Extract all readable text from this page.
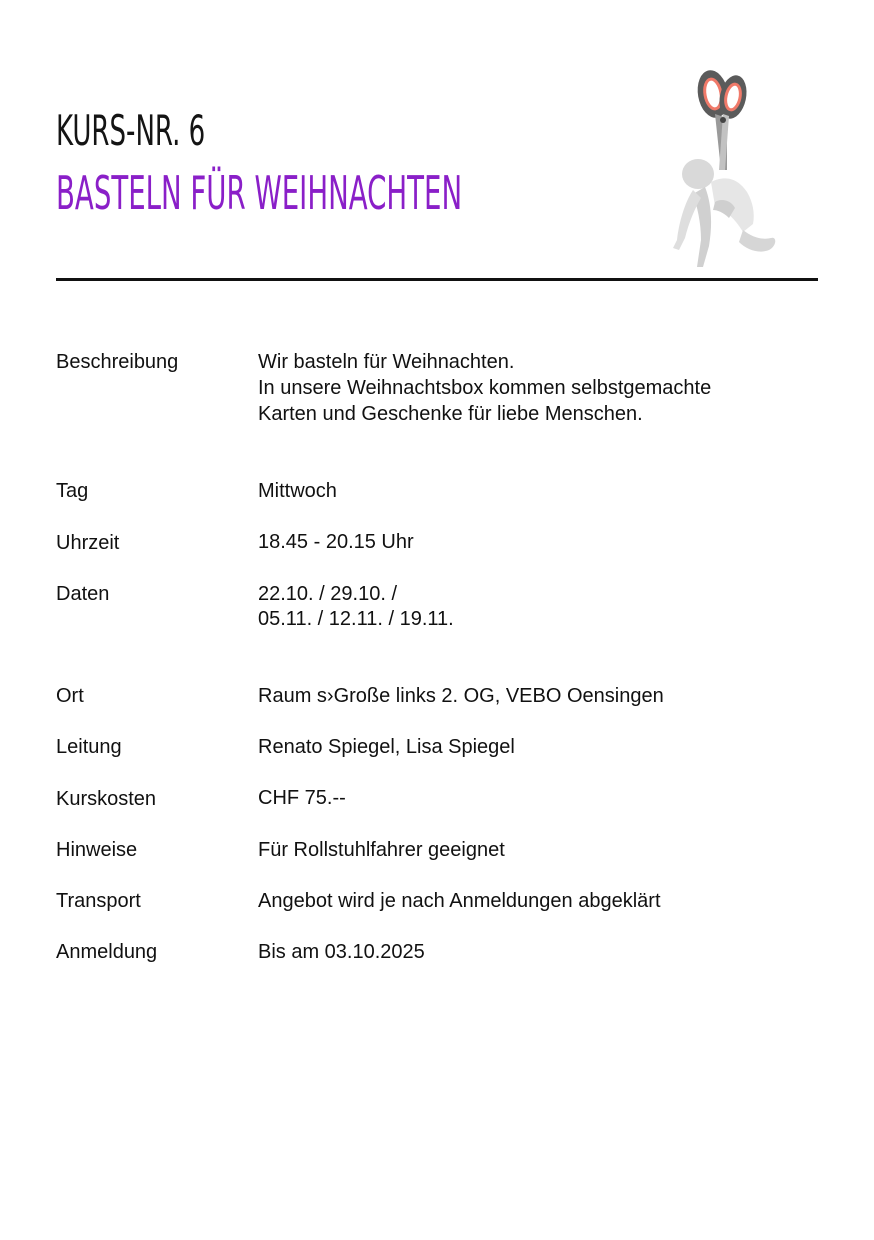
KURS-NR. 6
BASTELN FÜR WEIHNACHTEN
Beschreibung	Wir basteln für Weihnachten.
In unsere Weihnachtsbox kommen selbstgemachte
Karten und Geschenke für liebe Menschen.
Tag	Mittwoch
Uhrzeit	18.45 - 20.15 Uhr
Daten	22.10. / 29.10. /
05.11. / 12.11. / 19.11.
Ort	Raum s›Große links 2. OG, VEBO Oensingen
Leitung	Renato Spiegel, Lisa Spiegel
Kurskosten	CHF 75.--
Hinweise	Für Rollstuhlfahrer geeignet
Transport	Angebot wird je nach Anmeldungen abgeklärt
Anmeldung	Bis am 03.10.2025
